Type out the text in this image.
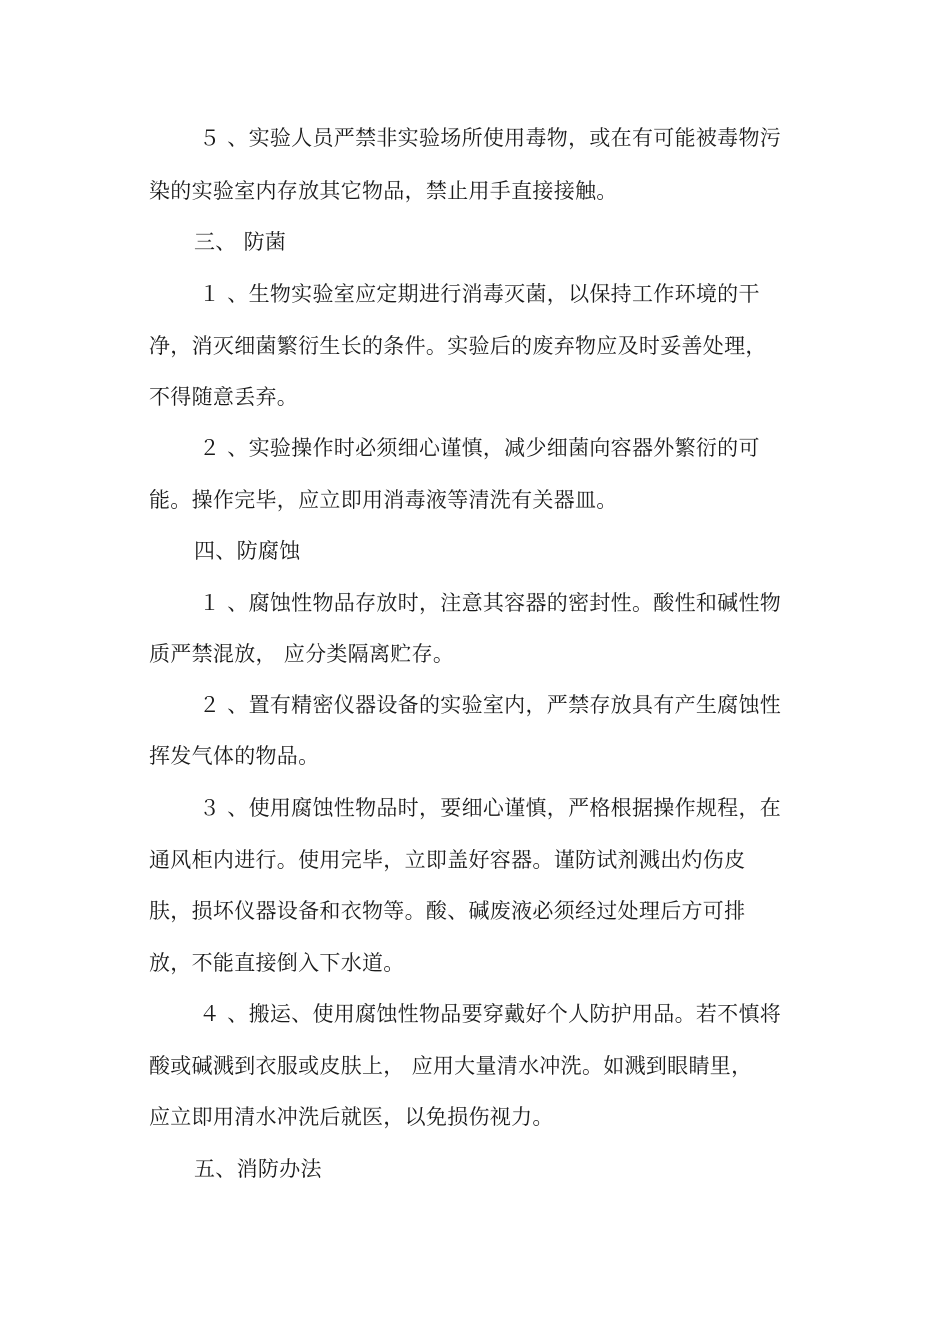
５ 、实验人员严禁非实验场所使用毒物，或在有可能被毒物污
染的实验室内存放其它物品，禁止用手直接接触。
三、 防菌
１ 、生物实验室应定期进行消毒灭菌，以保持工作环境的干
净，消灭细菌繁衍生长的条件。实验后的废弃物应及时妥善处理，
不得随意丢弃。
２ 、实验操作时必须细心谨慎，减少细菌向容器外繁衍的可
能。操作完毕，应立即用消毒液等清洗有关器皿。
四、防腐蚀
１ 、腐蚀性物品存放时，注意其容器的密封性。酸性和碱性物
质严禁混放， 应分类隔离贮存。
２ 、置有精密仪器设备的实验室内，严禁存放具有产生腐蚀性
挥发气体的物品。
３ 、使用腐蚀性物品时，要细心谨慎，严格根据操作规程，在
通风柜内进行。使用完毕，立即盖好容器。谨防试剂溅出灼伤皮
肤，损坏仪器设备和衣物等。酸、碱废液必须经过处理后方可排
放，不能直接倒入下水道。
４ 、搬运、使用腐蚀性物品要穿戴好个人防护用品。若不慎将
酸或碱溅到衣服或皮肤上， 应用大量清水冲洗。如溅到眼睛里，
应立即用清水冲洗后就医，以免损伤视力。
五、消防办法
